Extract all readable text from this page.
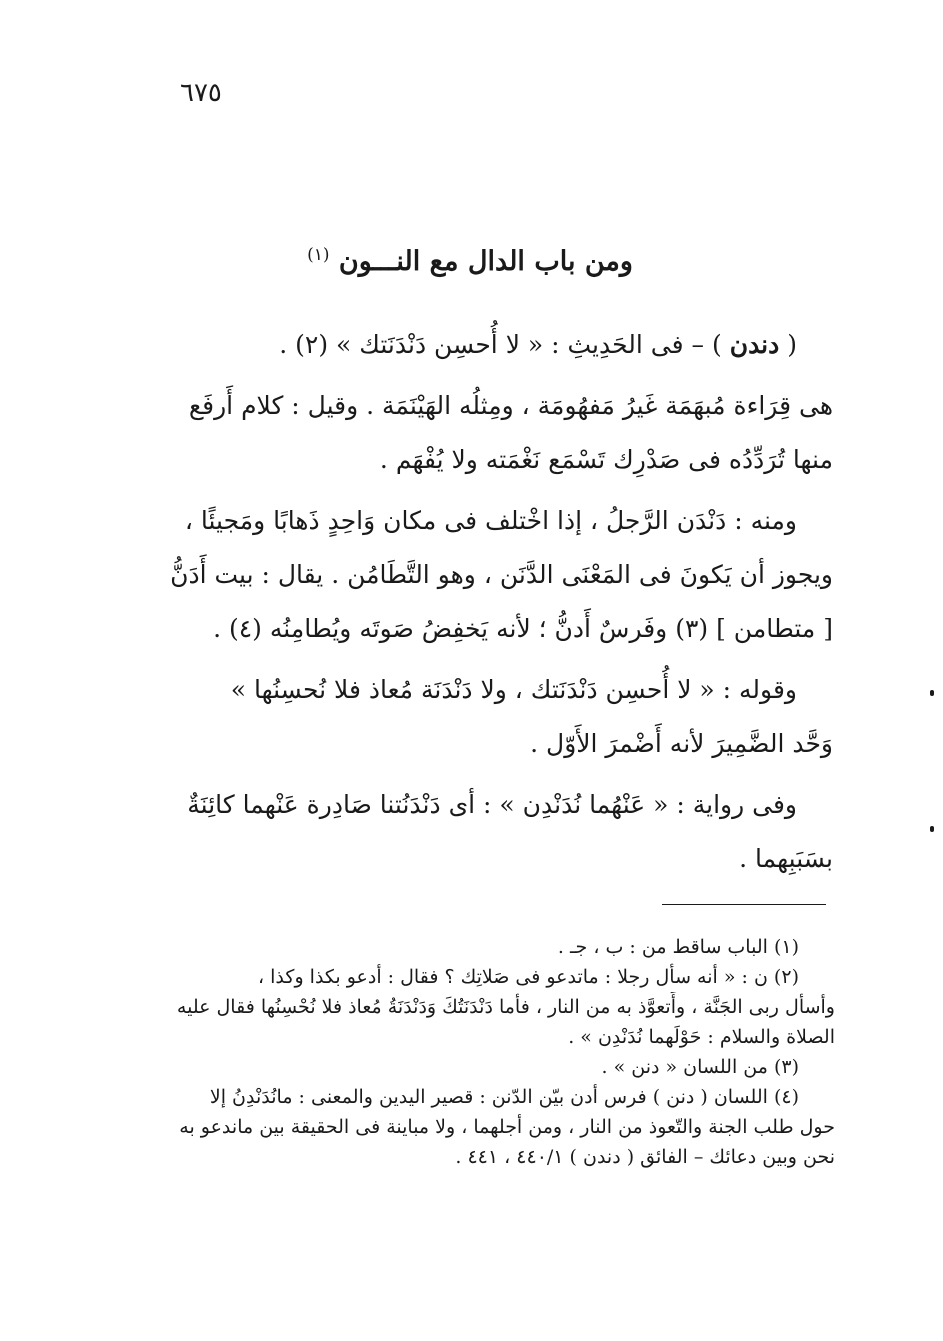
٦٧٥
ومن باب الدال مع النـــون $^{(١)}$
( دندن ) – فى الحَدِيثِ : « لا أُحسِن دَنْدَنَتك » (٢) .
هى قِرَاءة مُبهَمَة غَيرُ مَفهُومَة ، ومِثلُه الهَيْنَمَة . وقيل : كلام أَرفَع
منها تُرَدِّدُه فى صَدْرِك تَسْمَع نَغْمَته ولا يُفْهَم .
ومنه : دَنْدَن الرَّجلُ ، إذا اخْتلف فى مكان وَاحِدٍ ذَهابًا ومَجيئًا ،
ويجوز أن يَكونَ فى المَعْنَى الدَّنَن ، وهو التَّطَامُن . يقال : بيت أَدَنُّ
[ متطامن ] (٣) وفَرسٌ أَدنُّ ؛ لأنه يَخفِضُ صَوتَه ويُطامِنُه (٤) .
وقوله : « لا أُحسِن دَنْدَنَتك ، ولا دَنْدَنَة مُعاذ فلا نُحسِنُها »
وَحَّد الضَّمِيرَ لأنه أَضْمرَ الأَوّل .
وفى رواية : « عَنْهُما نُدَنْدِن » : أى دَنْدَنُتنا صَادِرة عَنْهما كائِنَةٌ
بسَبَبِهما .
(١) الباب ساقط من : ب ، جـ .
(٢) ن : « أنه سأل رجلا : ماتدعو فى صَلاتِك ؟ فقال : أدعو بكذا وكذا ،
وأسأل ربى الجَنَّة ، وأَتعوَّذ به من النار ، فأما دَنْدَنَتُكَ وَدَنْدَنَةُ مُعاذ فلا نُحْسِنُها فقال عليه
الصلاة والسلام : حَوْلَهما نُدَنْدِن » .
(٣) من اللسان « دنن » .
(٤) اللسان ( دنن ) فرس أدن بيّن الدّنن : قصير اليدين والمعنى : مانُدَنْدِنُ إلا
حول طلب الجنة والتّعوذ من النار ، ومن أجلهما ، ولا مباينة فى الحقيقة بين ماندعو به
نحن وبين دعائك – الفائق ( دندن ) ٤٤٠/١ ، ٤٤١ .
